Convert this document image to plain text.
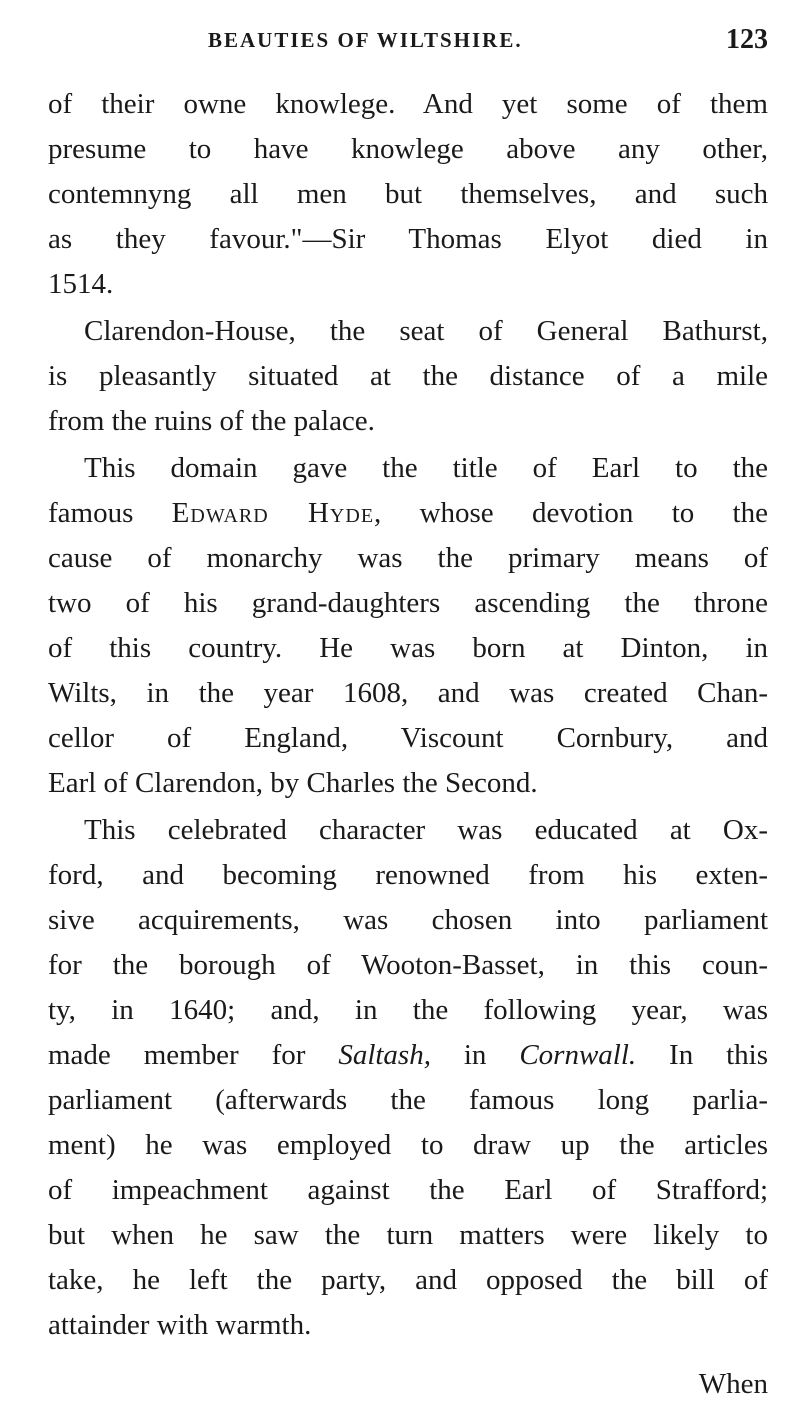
BEAUTIES OF WILTSHIRE.	123
of their owne knowlege. And yet some of them
presume to have knowlege above any other,
contemnyng all men but themselves, and such
as they favour."—Sir Thomas Elyot died in
1514.
Clarendon-House, the seat of General Bathurst,
is pleasantly situated at the distance of a mile
from the ruins of the palace.
This domain gave the title of Earl to the
famous Edward Hyde, whose devotion to the
cause of monarchy was the primary means of
two of his grand-daughters ascending the throne
of this country. He was born at Dinton, in
Wilts, in the year 1608, and was created Chan-
cellor of England, Viscount Cornbury, and
Earl of Clarendon, by Charles the Second.
This celebrated character was educated at Ox-
ford, and becoming renowned from his exten-
sive acquirements, was chosen into parliament
for the borough of Wooton-Basset, in this coun-
ty, in 1640; and, in the following year, was
made member for Saltash, in Cornwall. In this
parliament (afterwards the famous long parlia-
ment) he was employed to draw up the articles
of impeachment against the Earl of Strafford;
but when he saw the turn matters were likely to
take, he left the party, and opposed the bill of
attainder with warmth.
When
